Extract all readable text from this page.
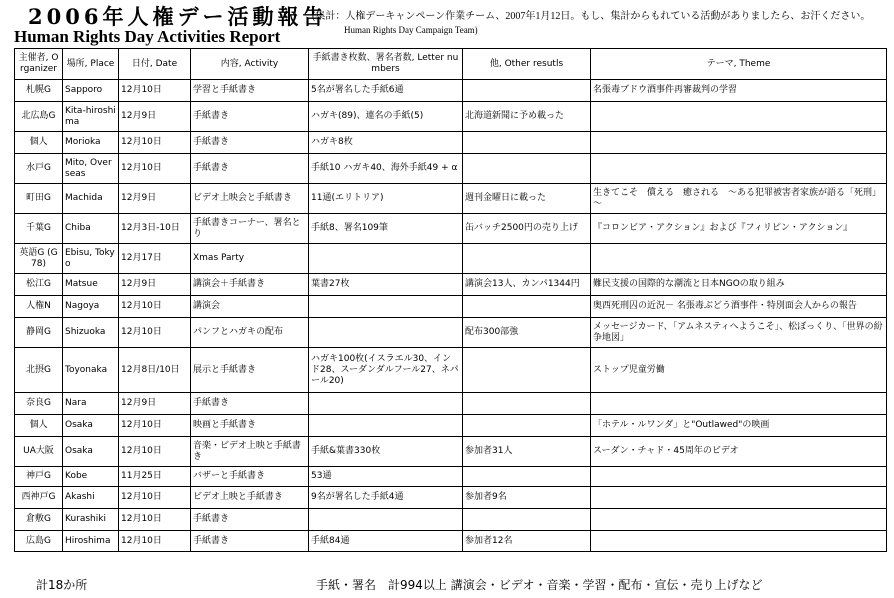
2006年人権デー活動報告
Human Rights Day Activities Report
(集計：人権デーキャンペーン作業チーム、2007年1月12日。もし、集計からもれている活動がありましたら、お汗ください。
Human Rights Day Campaign Team)
主催者, Organizer	場所, Place	日付, Date	内容, Activity	手紙書き枚数、署名者数, Letter numbers	他, Other resutls	テーマ, Theme
札幌G	Sapporo	12月10日	学習と手紙書き	5名が署名した手紙6通		名張毒ブドウ酒事件再審裁判の学習
北広島G	Kita-hiroshima	12月9日	手紙書き	ハガキ(89)、連名の手紙(5)	北海道新聞に予め載った	
個人	Morioka	12月10日	手紙書き	ハガキ8枚		
水戸G	Mito, Overseas	12月10日	手紙書き	手紙10 ハガキ40、海外手紙49 + α		
町田G	Machida	12月9日	ビデオ上映会と手紙書き	11通(エリトリア)	週刊金曜日に載った	生きてこそ　償える　癒される　～ある犯罪被害者家族が語る「死刑」～
千葉G	Chiba	12月3日-10日	手紙書きコーナー、署名とり	手紙8、署名109筆	缶バッチ2500円の売り上げ	『コロンビア・アクション』および『フィリピン・アクション』
英語G (G78)	Ebisu, Tokyo	12月17日	Xmas Party			
松江G	Matsue	12月9日	講演会＋手紙書き	葉書27枚	講演会13人、カンパ1344円	難民支援の国際的な潮流と日本NGOの取り組み
人権N	Nagoya	12月10日	講演会			奥西死刑囚の近況－ 名張毒ぶどう酒事件・特別面会人からの報告
静岡G	Shizuoka	12月10日	パンフとハガキの配布		配布300部強	メッセージカード、「アムネスティへようこそ」、松ぼっくり、「世界の紛争地図」
北摂G	Toyonaka	12月8日/10日	展示と手紙書き	ハガキ100枚(イスラエル30、インド28、スーダンダルフール27、ネパール20)		ストップ児童労働
奈良G	Nara	12月9日	手紙書き			
個人	Osaka	12月10日	映画と手紙書き			「ホテル・ルワンダ」と"Outlawed"の映画
UA大阪	Osaka	12月10日	音楽・ビデオ上映と手紙書き	手紙&葉書330枚	参加者31人	スーダン・チャド・45周年のビデオ
神戸G	Kobe	11月25日	バザーと手紙書き	53通		
西神戸G	Akashi	12月10日	ビデオ上映と手紙書き	9名が署名した手紙4通	参加者9名	
倉敷G	Kurashiki	12月10日	手紙書き			
広島G	Hiroshima	12月10日	手紙書き	手紙84通	参加者12名	
計18か所	手紙・署名　計994以上 講演会・ビデオ・音楽・学習・配布・宣伝・売り上げなど
